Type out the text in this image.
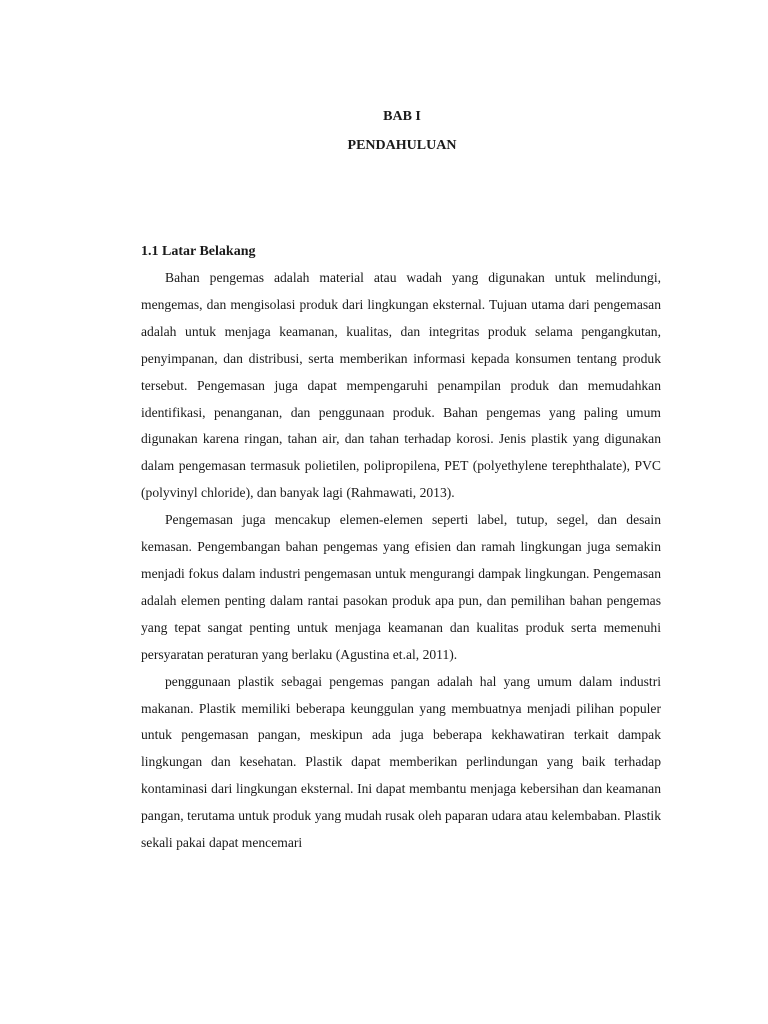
BAB I
PENDAHULUAN
1.1 Latar Belakang

Bahan pengemas adalah material atau wadah yang digunakan untuk melindungi, mengemas, dan mengisolasi produk dari lingkungan eksternal. Tujuan utama dari pengemasan adalah untuk menjaga keamanan, kualitas, dan integritas produk selama pengangkutan, penyimpanan, dan distribusi, serta memberikan informasi kepada konsumen tentang produk tersebut. Pengemasan juga dapat mempengaruhi penampilan produk dan memudahkan identifikasi, penanganan, dan penggunaan produk. Bahan pengemas yang paling umum digunakan karena ringan, tahan air, dan tahan terhadap korosi. Jenis plastik yang digunakan dalam pengemasan termasuk polietilen, polipropilena, PET (polyethylene terephthalate), PVC (polyvinyl chloride), dan banyak lagi (Rahmawati, 2013).

Pengemasan juga mencakup elemen-elemen seperti label, tutup, segel, dan desain kemasan. Pengembangan bahan pengemas yang efisien dan ramah lingkungan juga semakin menjadi fokus dalam industri pengemasan untuk mengurangi dampak lingkungan. Pengemasan adalah elemen penting dalam rantai pasokan produk apa pun, dan pemilihan bahan pengemas yang tepat sangat penting untuk menjaga keamanan dan kualitas produk serta memenuhi persyaratan peraturan yang berlaku (Agustina et.al, 2011).

penggunaan plastik sebagai pengemas pangan adalah hal yang umum dalam industri makanan. Plastik memiliki beberapa keunggulan yang membuatnya menjadi pilihan populer untuk pengemasan pangan, meskipun ada juga beberapa kekhawatiran terkait dampak lingkungan dan kesehatan. Plastik dapat memberikan perlindungan yang baik terhadap kontaminasi dari lingkungan eksternal. Ini dapat membantu menjaga kebersihan dan keamanan pangan, terutama untuk produk yang mudah rusak oleh paparan udara atau kelembaban. Plastik sekali pakai dapat mencemari
